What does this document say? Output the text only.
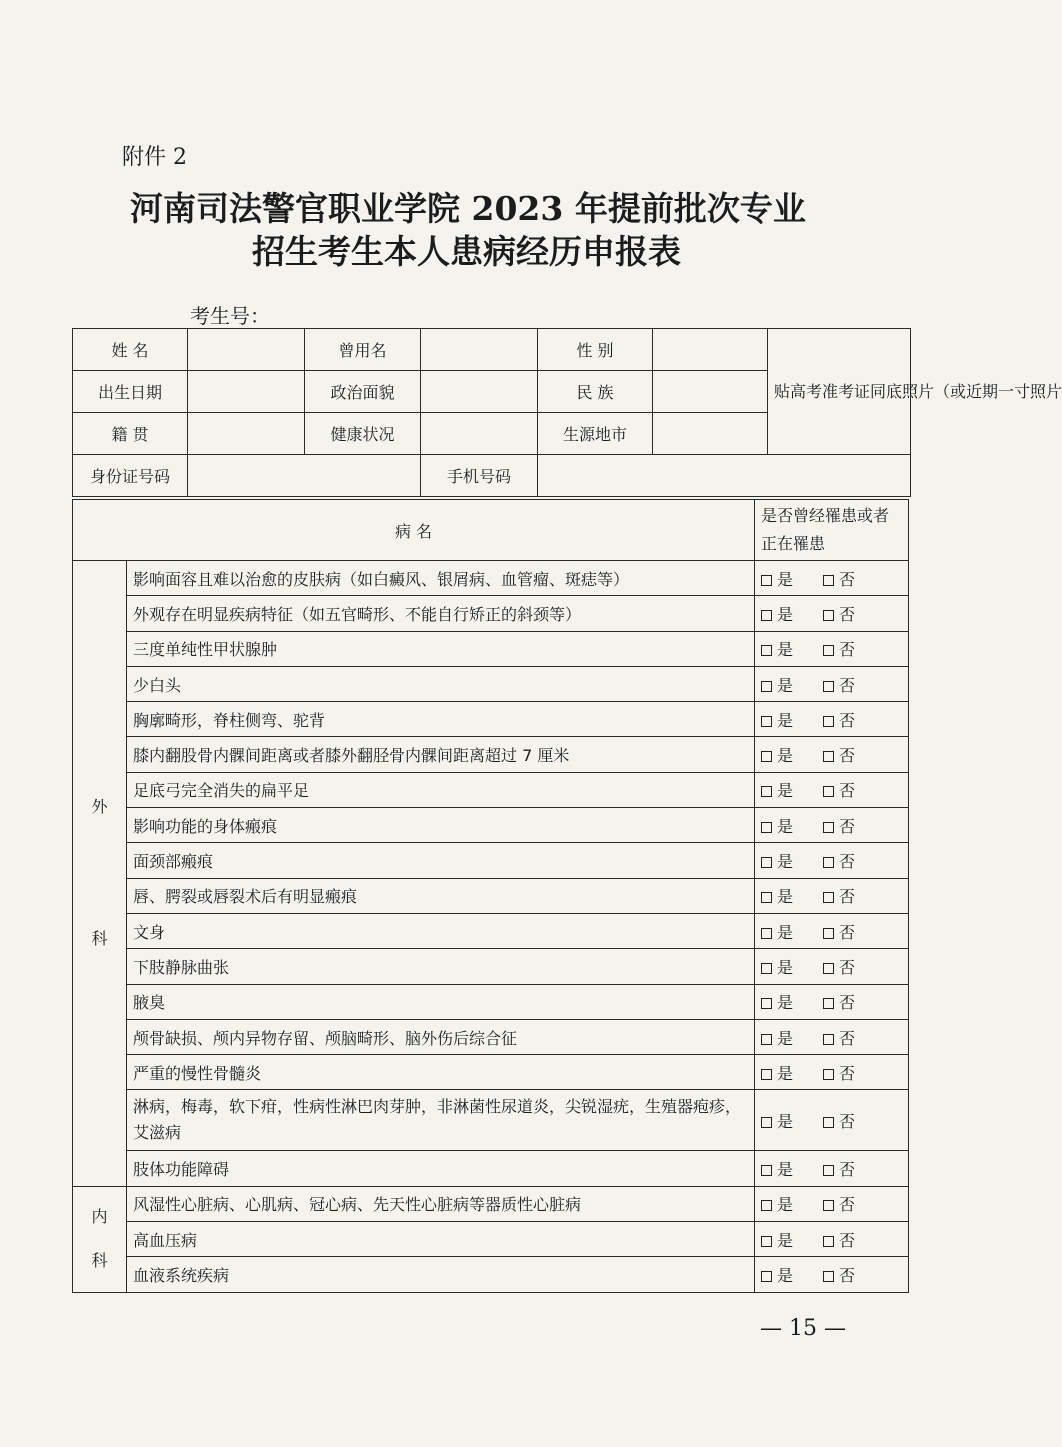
附件 2
河南司法警官职业学院 2023 年提前批次专业
招生考生本人患病经历申报表
考生号：
姓 名		曾用名		性 别		贴高考准考证同底照片（或近期一寸照片
出生日期		政治面貌		民 族		
籍 贯		健康状况		生源地市		
身份证号码			手机号码			
病 名		是否曾经罹患或者正在罹患
外

科	影响面容且难以治愈的皮肤病（如白癜风、银屑病、血管瘤、斑痣等）	是 否
	外观存在明显疾病特征（如五官畸形、不能自行矫正的斜颈等）	是 否
	三度单纯性甲状腺肿	是 否
	少白头	是 否
	胸廓畸形，脊柱侧弯、驼背	是 否
	膝内翻股骨内髁间距离或者膝外翻胫骨内髁间距离超过 7 厘米	是 否
	足底弓完全消失的扁平足	是 否
	影响功能的身体瘢痕	是 否
	面颈部瘢痕	是 否
	唇、腭裂或唇裂术后有明显瘢痕	是 否
	文身	是 否
	下肢静脉曲张	是 否
	腋臭	是 否
	颅骨缺损、颅内异物存留、颅脑畸形、脑外伤后综合征	是 否
	严重的慢性骨髓炎	是 否
	淋病，梅毒，软下疳，性病性淋巴肉芽肿，非淋菌性尿道炎，尖锐湿疣，生殖器疱疹，艾滋病	是 否
	肢体功能障碍	是 否
内
科	风湿性心脏病、心肌病、冠心病、先天性心脏病等器质性心脏病	是 否
	高血压病	是 否
	血液系统疾病	是 否
— 15 —
